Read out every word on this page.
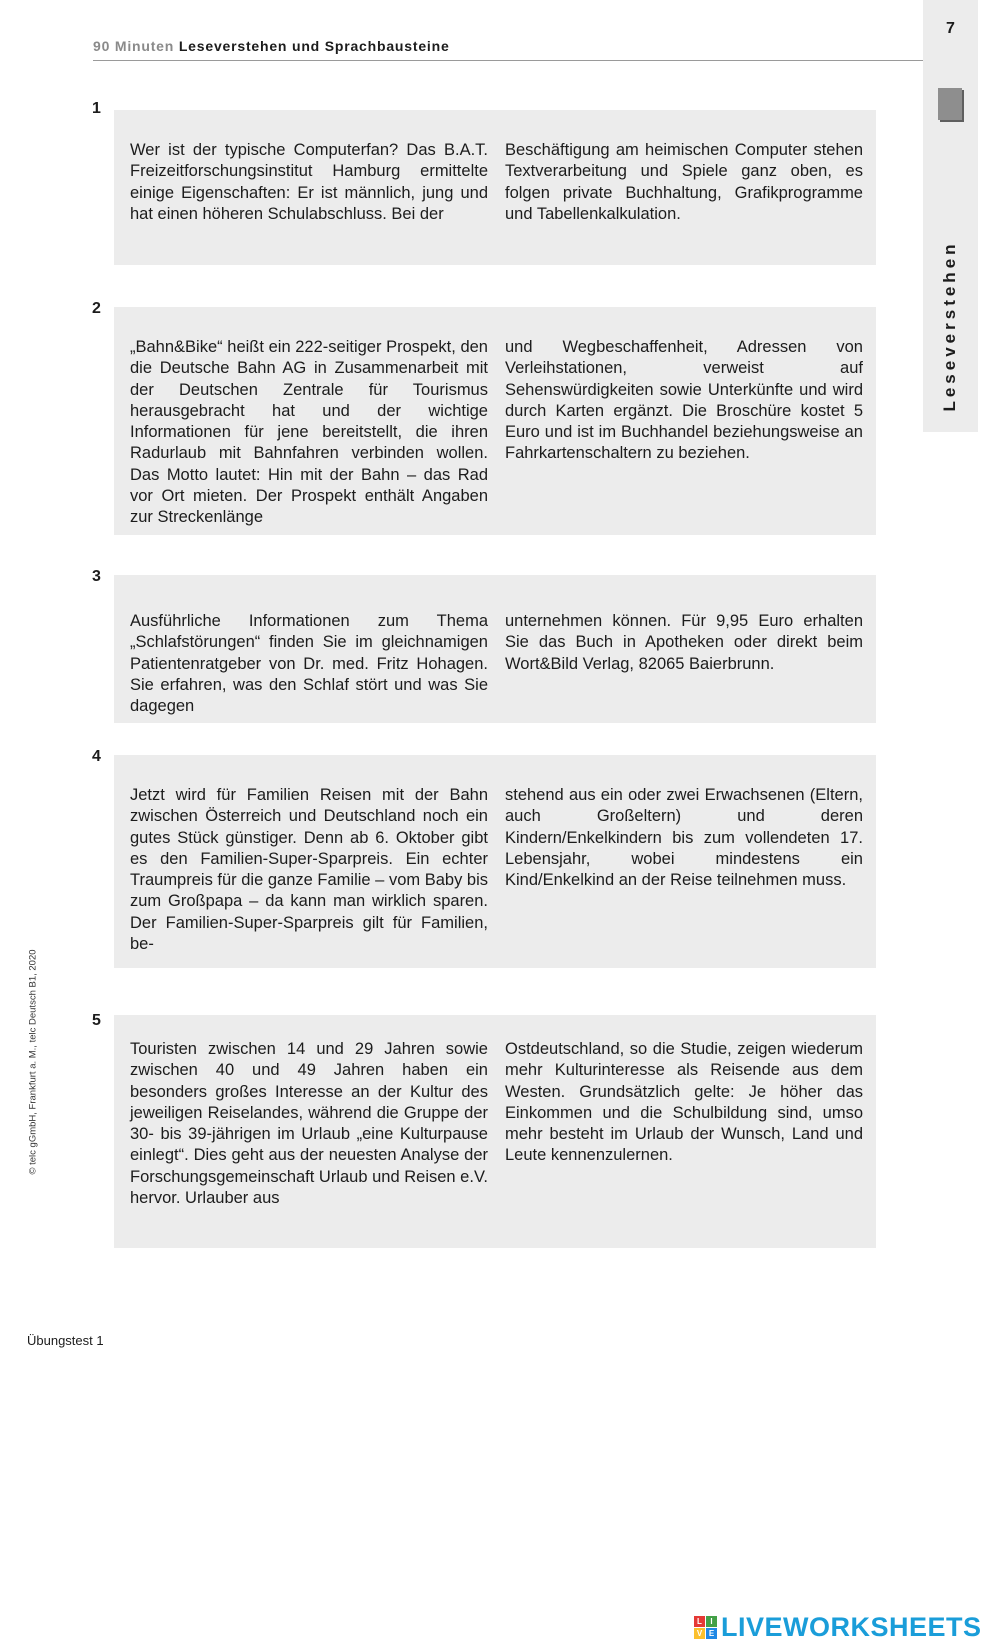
90 Minuten Leseverstehen und Sprachbausteine
7
Leseverstehen
1

Wer ist der typische Computerfan? Das B.A.T. Freizeitforschungsinstitut Hamburg ermittelte einige Eigenschaften: Er ist männlich, jung und hat einen höheren Schulabschluss. Bei der

Beschäftigung am heimischen Computer stehen Textverarbeitung und Spiele ganz oben, es folgen private Buchhaltung, Grafikprogramme und Tabellenkalkulation.

2

„Bahn&Bike“ heißt ein 222-seitiger Prospekt, den die Deutsche Bahn AG in Zusammenarbeit mit der Deutschen Zentrale für Tourismus herausgebracht hat und der wichtige Informationen für jene bereitstellt, die ihren Radurlaub mit Bahnfahren verbinden wollen. Das Motto lautet: Hin mit der Bahn – das Rad vor Ort mieten. Der Prospekt enthält Angaben zur Streckenlänge

und Wegbeschaffenheit, Adressen von Verleihstationen, verweist auf Sehenswürdigkeiten sowie Unterkünfte und wird durch Karten ergänzt. Die Broschüre kostet 5 Euro und ist im Buchhandel beziehungsweise an Fahrkartenschaltern zu beziehen.

3

Ausführliche Informationen zum Thema „Schlafstörungen“ finden Sie im gleichnamigen Patientenratgeber von Dr. med. Fritz Hohagen. Sie erfahren, was den Schlaf stört und was Sie dagegen

unternehmen können. Für 9,95 Euro erhalten Sie das Buch in Apotheken oder direkt beim Wort&Bild Verlag, 82065 Baierbrunn.

4

Jetzt wird für Familien Reisen mit der Bahn zwischen Österreich und Deutschland noch ein gutes Stück günstiger. Denn ab 6. Oktober gibt es den Familien-Super-Sparpreis. Ein echter Traumpreis für die ganze Familie – vom Baby bis zum Großpapa – da kann man wirklich sparen. Der Familien-Super-Sparpreis gilt für Familien, be-

stehend aus ein oder zwei Erwachsenen (Eltern, auch Großeltern) und deren Kindern/Enkelkindern bis zum vollendeten 17. Lebensjahr, wobei mindestens ein Kind/Enkelkind an der Reise teilnehmen muss.

5

Touristen zwischen 14 und 29 Jahren sowie zwischen 40 und 49 Jahren haben ein besonders großes Interesse an der Kultur des jeweiligen Reiselandes, während die Gruppe der 30- bis 39-jährigen im Urlaub „eine Kulturpause einlegt“. Dies geht aus der neuesten Analyse der Forschungsgemeinschaft Urlaub und Reisen e.V. hervor. Urlauber aus

Ostdeutschland, so die Studie, zeigen wiederum mehr Kulturinteresse als Reisende aus dem Westen. Grundsätzlich gelte: Je höher das Einkommen und die Schulbildung sind, umso mehr besteht im Urlaub der Wunsch, Land und Leute kennenzulernen.

© telc gGmbH, Frankfurt a. M., telc Deutsch B1, 2020
Übungstest 1
L	I
V E LIVEWORKSHEETS
